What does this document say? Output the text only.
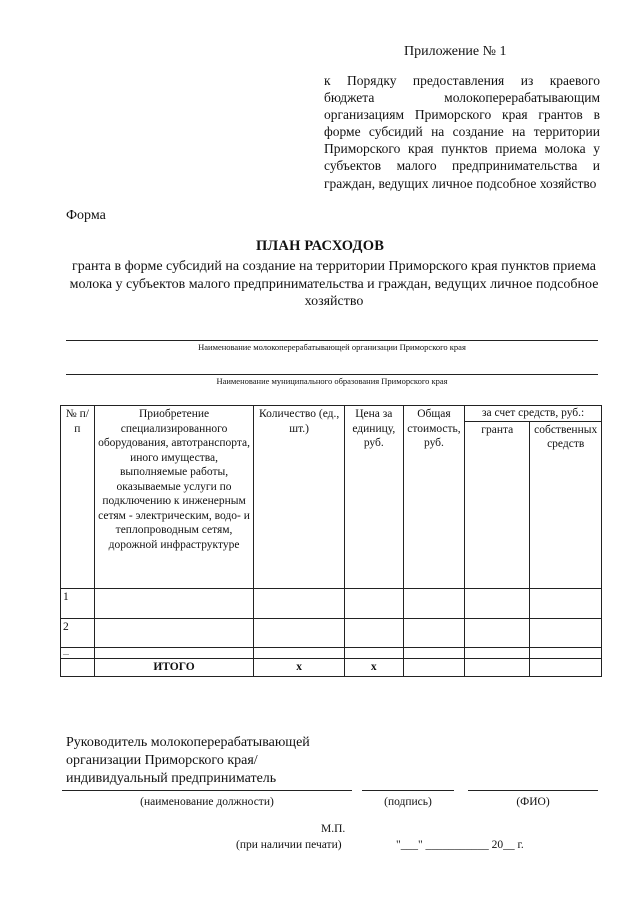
Приложение № 1
к Порядку предоставления из краевого бюджета молокоперерабатывающим организациям Приморского края грантов в форме субсидий на создание на территории Приморского края пунктов приема молока у субъектов малого предпринимательства и граждан, ведущих личное подсобное хозяйство
Форма
ПЛАН РАСХОДОВ
гранта в форме субсидий на создание на территории Приморского края пунктов приема молока у субъектов малого предпринимательства и граждан, ведущих личное подсобное хозяйство
Наименование молокоперерабатывающей организации Приморского края
Наименование муниципального образования Приморского края
№ п/п	Приобретение специализированного оборудования, автотранспорта, иного имущества, выполняемые работы, оказываемые услуги по подключению к инженерным сетям - электрическим, водо- и теплопроводным сетям, дорожной инфраструктуре	Количество (ед., шт.)	Цена за единицу, руб.	Общая стоимость, руб.	за счет средств, руб.:	
					гранта	собственных средств
1						
2						
...						
	ИТОГО	х	х			
Руководитель молокоперерабатывающей
организации Приморского края/
индивидуальный предприниматель
(наименование должности)	(подпись)	(ФИО)
М.П.
(при наличии печати)	"___" ___________ 20__ г.
